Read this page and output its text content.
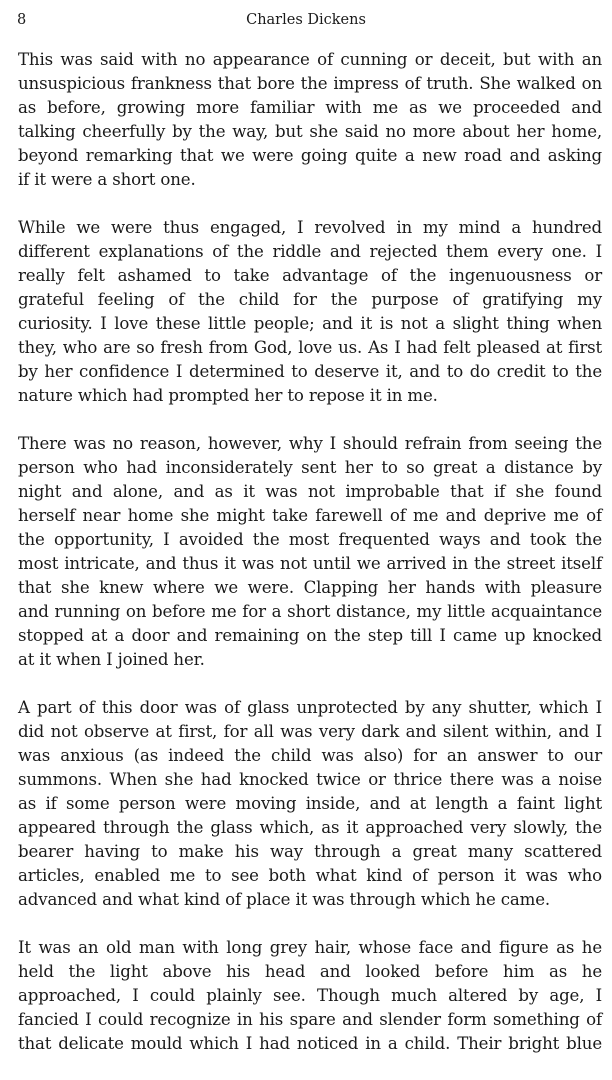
8	Charles Dickens
This was said with no appearance of cunning or deceit, but with an
unsuspicious frankness that bore the impress of truth. She walked on
as before, growing more familiar with me as we proceeded and
talking cheerfully by the way, but she said no more about her home,
beyond remarking that we were going quite a new road and asking
if it were a short one.
While we were thus engaged, I revolved in my mind a hundred
different explanations of the riddle and rejected them every one. I
really felt ashamed to take advantage of the ingenuousness or
grateful feeling of the child for the purpose of gratifying my
curiosity. I love these little people; and it is not a slight thing when
they, who are so fresh from God, love us. As I had felt pleased at first
by her confidence I determined to deserve it, and to do credit to the
nature which had prompted her to repose it in me.
There was no reason, however, why I should refrain from seeing the
person who had inconsiderately sent her to so great a distance by
night and alone, and as it was not improbable that if she found
herself near home she might take farewell of me and deprive me of
the opportunity, I avoided the most frequented ways and took the
most intricate, and thus it was not until we arrived in the street itself
that she knew where we were. Clapping her hands with pleasure
and running on before me for a short distance, my little acquaintance
stopped at a door and remaining on the step till I came up knocked
at it when I joined her.
A part of this door was of glass unprotected by any shutter, which I
did not observe at first, for all was very dark and silent within, and I
was anxious (as indeed the child was also) for an answer to our
summons. When she had knocked twice or thrice there was a noise
as if some person were moving inside, and at length a faint light
appeared through the glass which, as it approached very slowly, the
bearer having to make his way through a great many scattered
articles, enabled me to see both what kind of person it was who
advanced and what kind of place it was through which he came.
It was an old man with long grey hair, whose face and figure as he
held the light above his head and looked before him as he
approached, I could plainly see. Though much altered by age, I
fancied I could recognize in his spare and slender form something of
that delicate mould which I had noticed in a child. Their bright blue
